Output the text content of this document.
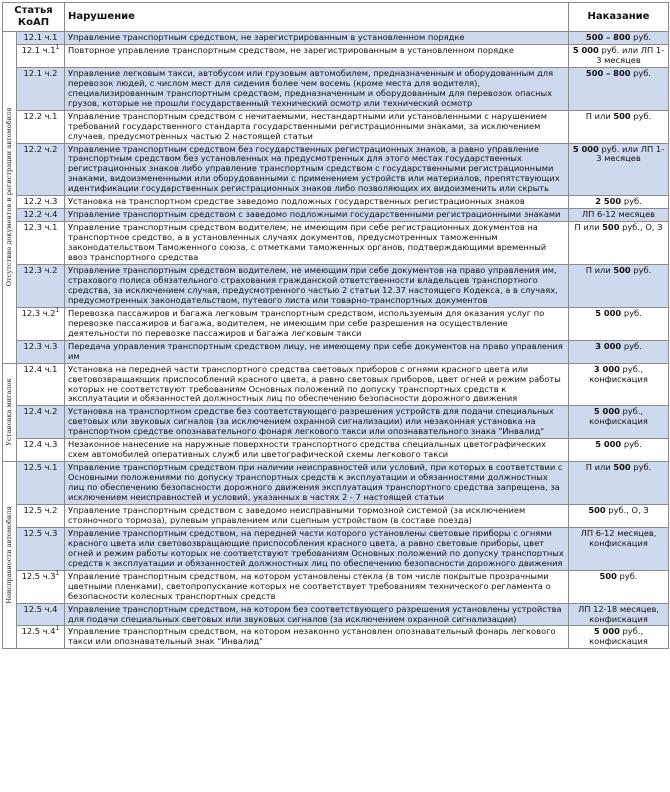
Статья КоАП		Нарушение	Наказание

Отсутствие документов и регистрации автомобиля	12.1 ч.1	Управление транспортным средством, не зарегистрированным в установленном порядке	500 – 800 руб.
	12.1 $ч.1^1$	Повторное управление транспортным средством, не зарегистрированным в установленном порядке	5 000 руб. или ЛП 1-3 месяцев
	12.1 ч.2	Управление легковым такси, автобусом или грузовым автомобилем, предназначенным и оборудованным для перевозок людей, с числом мест для сидения более чем восемь (кроме места для водителя), специализированным транспортным средством, предназначенным и оборудованным для перевозок опасных грузов, которые не прошли государственный технический осмотр или технический осмотр	500 – 800 руб.
	12.2 ч.1	Управление транспортным средством с нечитаемыми, нестандартными или установленными с нарушением требований государственного стандарта государственными регистрационными знаками, за исключением случаев, предусмотренных частью 2 настоящей статьи	П или 500 руб.
	12.2 ч.2	Управление транспортным средством без государственных регистрационных знаков, а равно управление транспортным средством без установленных на предусмотренных для этого местах государственных регистрационных знаков либо управление транспортным средством с государственными регистрационными знаками, видоизмененными или оборудованными с применением устройств или материалов, препятствующих идентификации государственных регистрационных знаков либо позволяющих их видоизменить или скрыть	5 000 руб. или ЛП 1-3 месяцев
	12.2 ч.3	Установка на транспортном средстве заведомо подложных государственных регистрационных знаков	2 500 руб.
	12.2 ч.4	Управление транспортным средством с заведомо подложными государственными регистрационными знаками	ЛП 6-12 месяцев
	12.3 ч.1	Управление транспортным средством водителем, не имеющим при себе регистрационных документов на транспортное средство, а в установленных случаях документов, предусмотренных таможенным законодательством Таможенного союза, с отметками таможенных органов, подтверждающими временный ввоз транспортного средства	П или 500 руб., О, З
	12.3 ч.2	Управление транспортным средством водителем, не имеющим при себе документов на право управления им, страхового полиса обязательного страхования гражданской ответственности владельцев транспортного средства, за исключением случая, предусмотренного частью 2 статьи 12.37 настоящего Кодекса, а в случаях, предусмотренных законодательством, путевого листа или товарно-транспортных документов	П или 500 руб.
	12.3 $ч.2^1$	Перевозка пассажиров и багажа легковым транспортным средством, используемым для оказания услуг по перевозке пассажиров и багажа, водителем, не имеющим при себе разрешения на осуществление деятельности по перевозке пассажиров и багажа легковым такси	5 000 руб.
	12.3 ч.3	Передача управления транспортным средством лицу, не имеющему при себе документов на право управления им	3 000 руб.

Установка мигалок	12.4 ч.1	Установка на передней части транспортного средства световых приборов с огнями красного цвета или световозвращающих приспособлений красного цвета, а равно световых приборов, цвет огней и режим работы которых не соответствуют требованиям Основных положений по допуску транспортных средств к эксплуатации и обязанностей должностных лиц по обеспечению безопасности дорожного движения	3 000 руб., конфискация
	12.4 ч.2	Установка на транспортном средстве без соответствующего разрешения устройств для подачи специальных световых или звуковых сигналов (за исключением охранной сигнализации) или незаконная установка на транспортном средстве опознавательного фонаря легкового такси или опознавательного знака "Инвалид"	5 000 руб., конфискация
	12.4 ч.3	Незаконное нанесение на наружные поверхности транспортного средства специальных цветографических схем автомобилей оперативных служб или цветографической схемы легкового такси	5 000 руб.

Неисправности автомобиля	12.5 ч.1	Управление транспортным средством при наличии неисправностей или условий, при которых в соответствии с Основными положениями по допуску транспортных средств к эксплуатации и обязанностями должностных лиц по обеспечению безопасности дорожного движения эксплуатация транспортного средства запрещена, за исключением неисправностей и условий, указанных в частях 2 - 7 настоящей статьи	П или 500 руб.
	12.5 ч.2	Управление транспортным средством с заведомо неисправными тормозной системой (за исключением стояночного тормоза), рулевым управлением или сцепным устройством (в составе поезда)	500 руб., О, З
	12.5 ч.3	Управление транспортным средством, на передней части которого установлены световые приборы с огнями красного цвета или световозвращающие приспособления красного цвета, а равно световые приборы, цвет огней и режим работы которых не соответствуют требованиям Основных положений по допуску транспортных средств к эксплуатации и обязанностей должностных лиц по обеспечению безопасности дорожного движения	ЛП 6-12 месяцев, конфискация
	12.5 $ч.3^1$	Управление транспортным средством, на котором установлены стекла (в том числе покрытые прозрачными цветными пленками), светопропускание которых не соответствует требованиям технического регламента о безопасности колесных транспортных средств	500 руб.
	12.5 ч.4	Управление транспортным средством, на котором без соответствующего разрешения установлены устройства для подачи специальных световых или звуковых сигналов (за исключением охранной сигнализации)	ЛП 12-18 месяцев, конфискация
	12.5 $ч.4^1$	Управление транспортным средством, на котором незаконно установлен опознавательный фонарь легкового такси или опознавательный знак "Инвалид"	5 000 руб., конфискация
